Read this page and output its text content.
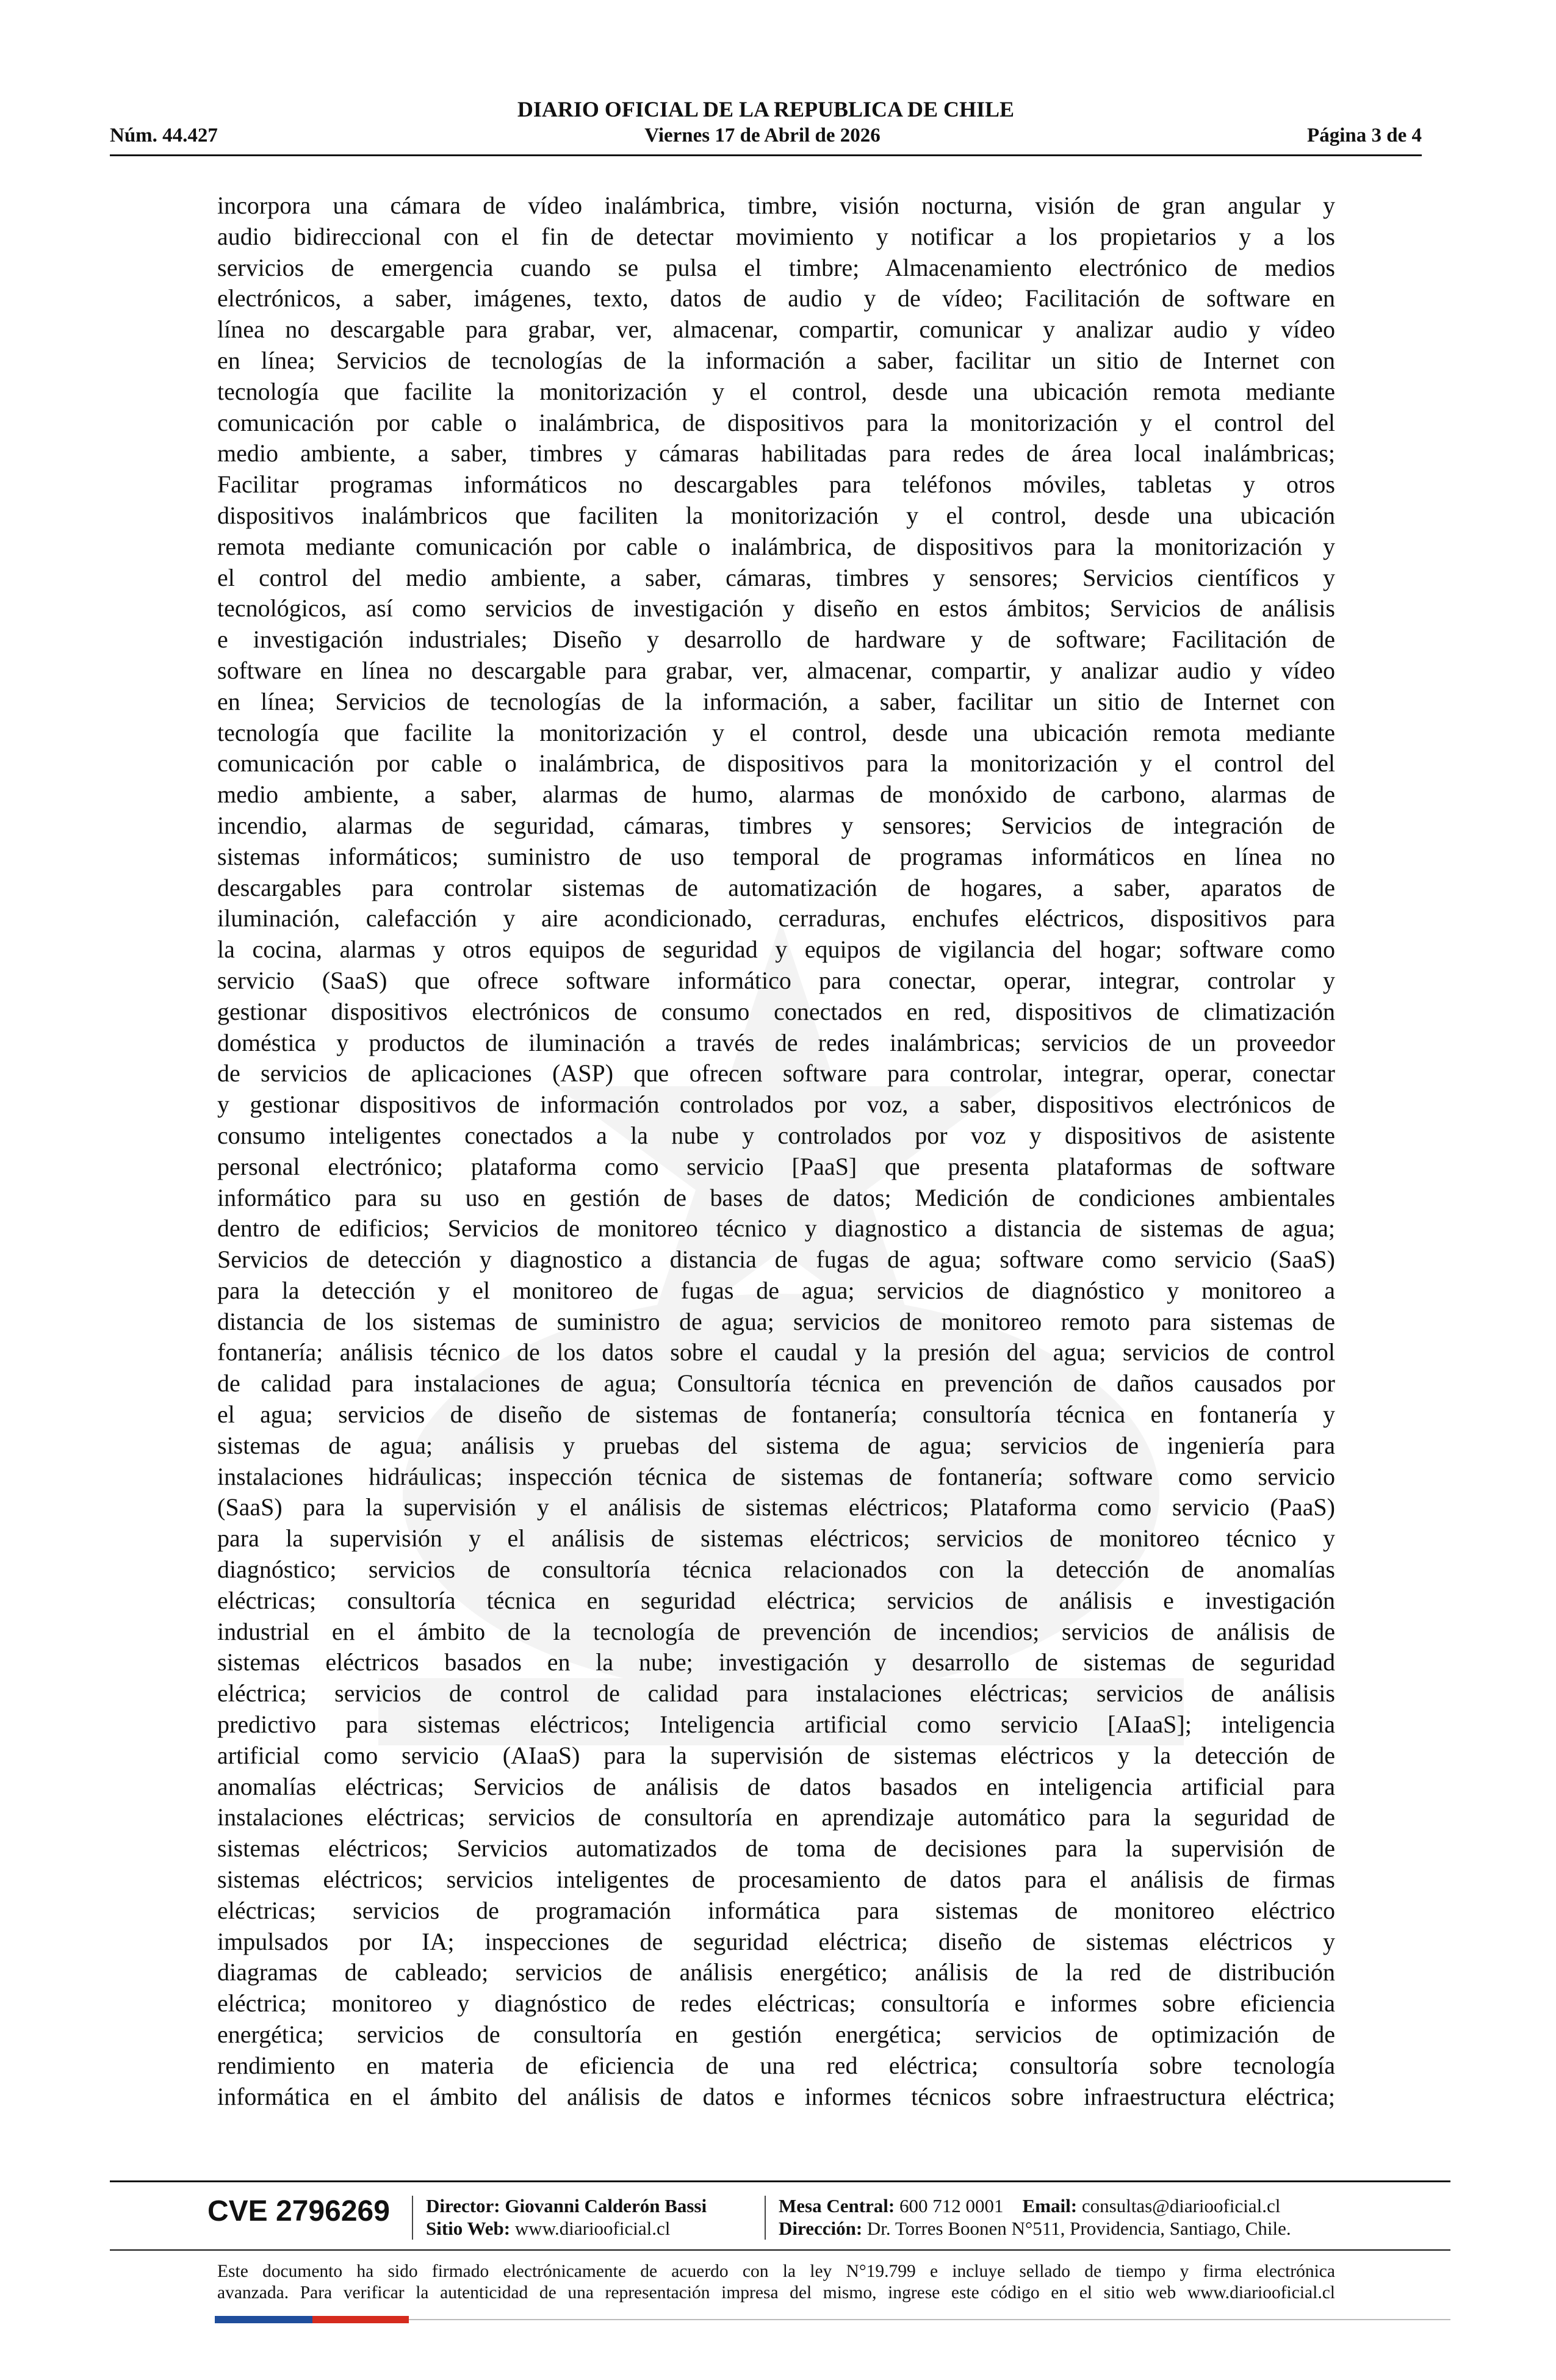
DIARIO OFICIAL DE LA REPUBLICA DE CHILE
Núm. 44.427	Viernes 17 de Abril de 2026	Página 3 de 4
incorpora una cámara de vídeo inalámbrica, timbre, visión nocturna, visión de gran angular y
audio bidireccional con el fin de detectar movimiento y notificar a los propietarios y a los
servicios de emergencia cuando se pulsa el timbre; Almacenamiento electrónico de medios
electrónicos, a saber, imágenes, texto, datos de audio y de vídeo; Facilitación de software en
línea no descargable para grabar, ver, almacenar, compartir, comunicar y analizar audio y vídeo
en línea; Servicios de tecnologías de la información a saber, facilitar un sitio de Internet con
tecnología que facilite la monitorización y el control, desde una ubicación remota mediante
comunicación por cable o inalámbrica, de dispositivos para la monitorización y el control del
medio ambiente, a saber, timbres y cámaras habilitadas para redes de área local inalámbricas;
Facilitar programas informáticos no descargables para teléfonos móviles, tabletas y otros
dispositivos inalámbricos que faciliten la monitorización y el control, desde una ubicación
remota mediante comunicación por cable o inalámbrica, de dispositivos para la monitorización y
el control del medio ambiente, a saber, cámaras, timbres y sensores; Servicios científicos y
tecnológicos, así como servicios de investigación y diseño en estos ámbitos; Servicios de análisis
e investigación industriales; Diseño y desarrollo de hardware y de software; Facilitación de
software en línea no descargable para grabar, ver, almacenar, compartir, y analizar audio y vídeo
en línea; Servicios de tecnologías de la información, a saber, facilitar un sitio de Internet con
tecnología que facilite la monitorización y el control, desde una ubicación remota mediante
comunicación por cable o inalámbrica, de dispositivos para la monitorización y el control del
medio ambiente, a saber, alarmas de humo, alarmas de monóxido de carbono, alarmas de
incendio, alarmas de seguridad, cámaras, timbres y sensores; Servicios de integración de
sistemas informáticos; suministro de uso temporal de programas informáticos en línea no
descargables para controlar sistemas de automatización de hogares, a saber, aparatos de
iluminación, calefacción y aire acondicionado, cerraduras, enchufes eléctricos, dispositivos para
la cocina, alarmas y otros equipos de seguridad y equipos de vigilancia del hogar; software como
servicio (SaaS) que ofrece software informático para conectar, operar, integrar, controlar y
gestionar dispositivos electrónicos de consumo conectados en red, dispositivos de climatización
doméstica y productos de iluminación a través de redes inalámbricas; servicios de un proveedor
de servicios de aplicaciones (ASP) que ofrecen software para controlar, integrar, operar, conectar
y gestionar dispositivos de información controlados por voz, a saber, dispositivos electrónicos de
consumo inteligentes conectados a la nube y controlados por voz y dispositivos de asistente
personal electrónico; plataforma como servicio [PaaS] que presenta plataformas de software
informático para su uso en gestión de bases de datos; Medición de condiciones ambientales
dentro de edificios; Servicios de monitoreo técnico y diagnostico a distancia de sistemas de agua;
Servicios de detección y diagnostico a distancia de fugas de agua; software como servicio (SaaS)
para la detección y el monitoreo de fugas de agua; servicios de diagnóstico y monitoreo a
distancia de los sistemas de suministro de agua; servicios de monitoreo remoto para sistemas de
fontanería; análisis técnico de los datos sobre el caudal y la presión del agua; servicios de control
de calidad para instalaciones de agua; Consultoría técnica en prevención de daños causados por
el agua; servicios de diseño de sistemas de fontanería; consultoría técnica en fontanería y
sistemas de agua; análisis y pruebas del sistema de agua; servicios de ingeniería para
instalaciones hidráulicas; inspección técnica de sistemas de fontanería; software como servicio
(SaaS) para la supervisión y el análisis de sistemas eléctricos; Plataforma como servicio (PaaS)
para la supervisión y el análisis de sistemas eléctricos; servicios de monitoreo técnico y
diagnóstico; servicios de consultoría técnica relacionados con la detección de anomalías
eléctricas; consultoría técnica en seguridad eléctrica; servicios de análisis e investigación
industrial en el ámbito de la tecnología de prevención de incendios; servicios de análisis de
sistemas eléctricos basados en la nube; investigación y desarrollo de sistemas de seguridad
eléctrica; servicios de control de calidad para instalaciones eléctricas; servicios de análisis
predictivo para sistemas eléctricos; Inteligencia artificial como servicio [AIaaS]; inteligencia
artificial como servicio (AIaaS) para la supervisión de sistemas eléctricos y la detección de
anomalías eléctricas; Servicios de análisis de datos basados en inteligencia artificial para
instalaciones eléctricas; servicios de consultoría en aprendizaje automático para la seguridad de
sistemas eléctricos; Servicios automatizados de toma de decisiones para la supervisión de
sistemas eléctricos; servicios inteligentes de procesamiento de datos para el análisis de firmas
eléctricas; servicios de programación informática para sistemas de monitoreo eléctrico
impulsados por IA; inspecciones de seguridad eléctrica; diseño de sistemas eléctricos y
diagramas de cableado; servicios de análisis energético; análisis de la red de distribución
eléctrica; monitoreo y diagnóstico de redes eléctricas; consultoría e informes sobre eficiencia
energética; servicios de consultoría en gestión energética; servicios de optimización de
rendimiento en materia de eficiencia de una red eléctrica; consultoría sobre tecnología
informática en el ámbito del análisis de datos e informes técnicos sobre infraestructura eléctrica;
CVE 2796269 Director: Giovanni Calderón Bassi
Sitio Web: www.diariooficial.cl
Mesa Central: 600 712 0001 Email: consultas@diariooficial.cl
Dirección: Dr. Torres Boonen N°511, Providencia, Santiago, Chile.
Este documento ha sido firmado electrónicamente de acuerdo con la ley N°19.799 e incluye sellado de tiempo y firma electrónica
avanzada. Para verificar la autenticidad de una representación impresa del mismo, ingrese este código en el sitio web www.diariooficial.cl
